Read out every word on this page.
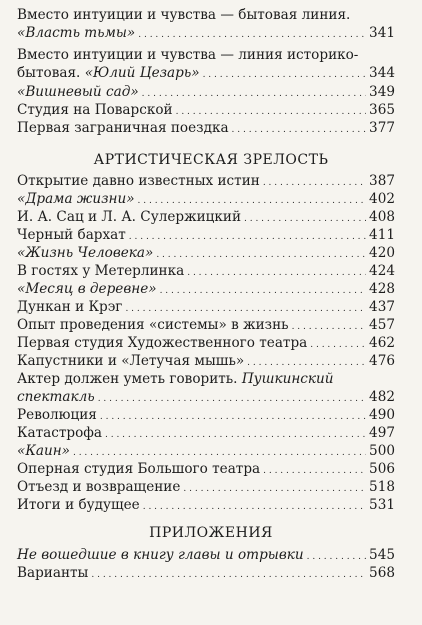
Вместо интуиции и чувства — бытовая линия.
«Власть тьмы» . . .	341
Вместо интуиции и чувства — линия историко-
бытовая. «Юлий Цезарь» . . .	344
«Вишневый сад» . . .	349
Студия на Поварской . . .	365
Первая заграничная поездка . . .	377
АРТИСТИЧЕСКАЯ ЗРЕЛОСТЬ
Открытие давно известных истин . . .	387
«Драма жизни» . . .	402
И. А. Сац и Л. А. Сулержицкий . . .	408
Черный бархат . . .	411
«Жизнь Человека» . . .	420
В гостях у Метерлинка . . .	424
«Месяц в деревне» . . .	428
Дункан и Крэг . . .	437
Опыт проведения «системы» в жизнь . . .	457
Первая студия Художественного театра . . .	462
Капустники и «Летучая мышь» . . .	476
Актер должен уметь говорить. Пушкинский
спектакль . . .	482
Революция . . .	490
Катастрофа . . .	497
«Каин» . . .	500
Оперная студия Большого театра . . .	506
Отъезд и возвращение . . .	518
Итоги и будущее . . .	531
ПРИЛОЖЕНИЯ
Не вошедшие в книгу главы и отрывки . . .	545
Варианты . . .	568
